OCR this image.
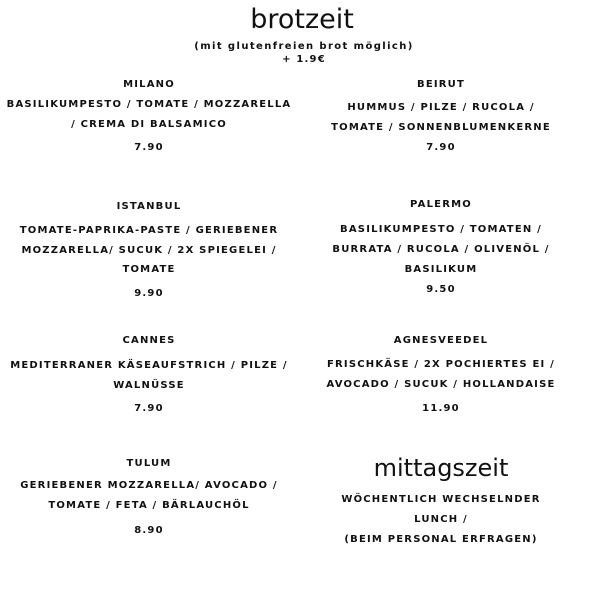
brotzeit
(mit glutenfreien brot möglich)
+ 1.9€
MILANO
BASILIKUMPESTO / TOMATE / MOZZARELLA
/ CREMA DI BALSAMICO
7.90
BEIRUT
HUMMUS / PILZE / RUCOLA /
TOMATE / SONNENBLUMENKERNE
7.90
ISTANBUL
TOMATE-PAPRIKA-PASTE / GERIEBENER
MOZZARELLA/ SUCUK / 2X SPIEGELEI /
TOMATE
9.90
PALERMO
BASILIKUMPESTO / TOMATEN /
BURRATA / RUCOLA / OLIVENÖL /
BASILIKUM
9.50
CANNES
MEDITERRANER KÄSEAUFSTRICH / PILZE /
WALNÜSSE
7.90
AGNESVEEDEL
FRISCHKÄSE / 2X POCHIERTES EI /
AVOCADO / SUCUK / HOLLANDAISE
11.90
TULUM
GERIEBENER MOZZARELLA/ AVOCADO /
TOMATE / FETA / BÄRLAUCHÖL
8.90
mittagszeit
WÖCHENTLICH WECHSELNDER
LUNCH /
(BEIM PERSONAL ERFRAGEN)
